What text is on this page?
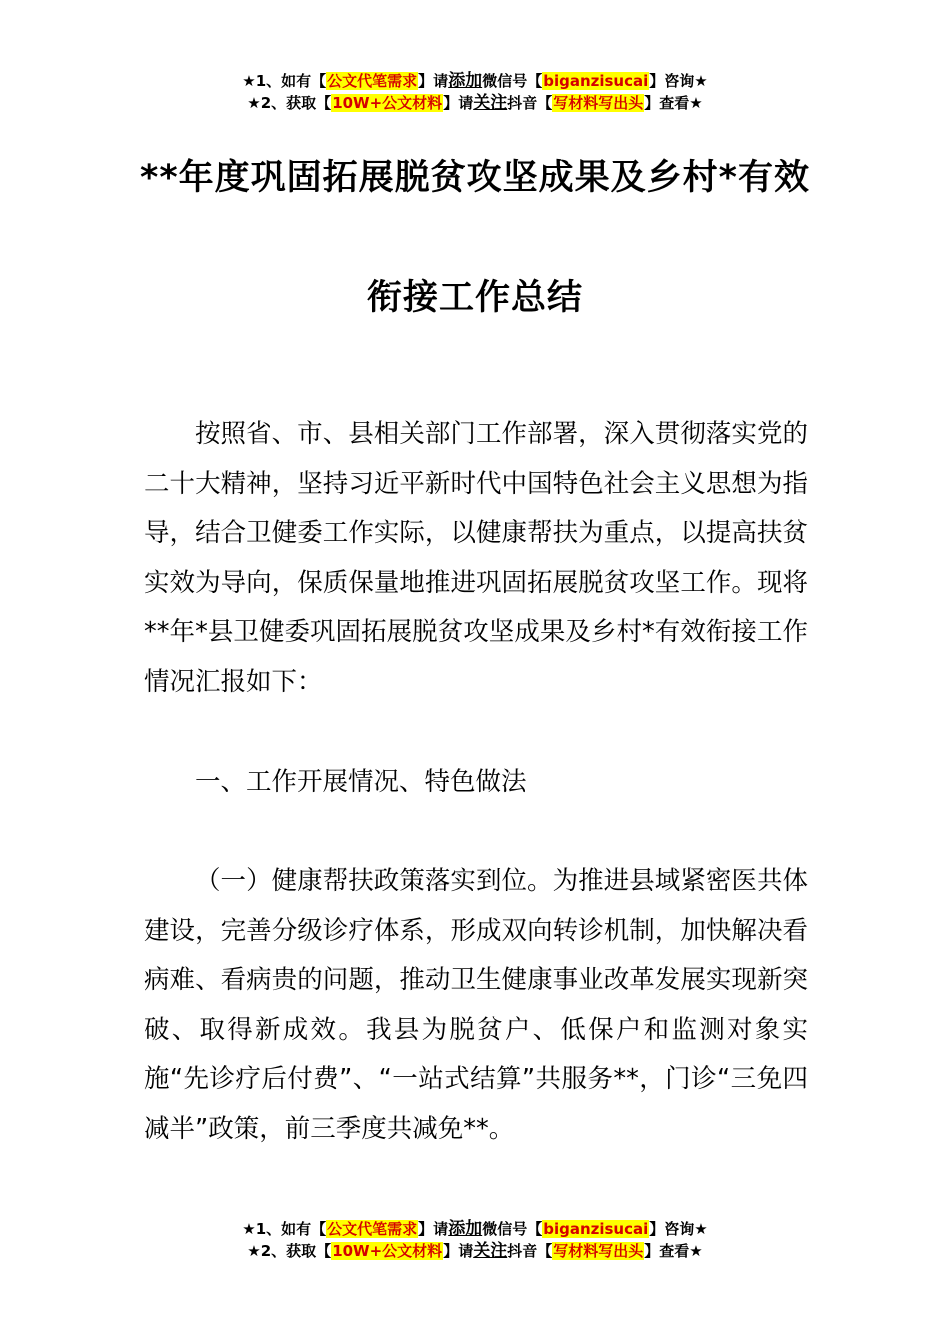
★1、如有【公文代笔需求】请添加微信号【biganzisucai】咨询★
★2、获取【10W+公文材料】请关注抖音【写材料写出头】查看★
**年度巩固拓展脱贫攻坚成果及乡村*有效
衔接工作总结

按照省、市、县相关部门工作部署，深入贯彻落实党的二十大精神，坚持习近平新时代中国特色社会主义思想为指导，结合卫健委工作实际，以健康帮扶为重点，以提高扶贫实效为导向，保质保量地推进巩固拓展脱贫攻坚工作。现将**年*县卫健委巩固拓展脱贫攻坚成果及乡村*有效衔接工作情况汇报如下：

一、工作开展情况、特色做法

（一）健康帮扶政策落实到位。为推进县域紧密医共体建设，完善分级诊疗体系，形成双向转诊机制，加快解决看病难、看病贵的问题，推动卫生健康事业改革发展实现新突破、取得新成效。我县为脱贫户、低保户和监测对象实施“先诊疗后付费”、“一站式结算”共服务**，门诊“三免四减半”政策，前三季度共减免**。

★1、如有【公文代笔需求】请添加微信号【biganzisucai】咨询★
★2、获取【10W+公文材料】请关注抖音【写材料写出头】查看★
